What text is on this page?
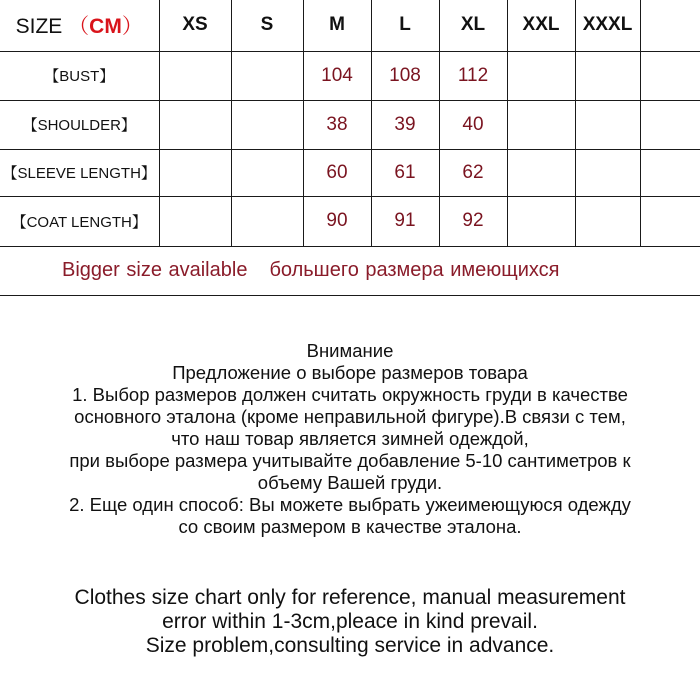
SIZE （CM）	XS	S	M	L	XL	XXL	XXXL	
【BUST】			104	108	112			
【SHOULDER】			38	39	40			
【SLEEVE LENGTH】			60	61	62			
【COAT LENGTH】			90	91	92			
Bigger size available большего размера имеющихся								
Внимание
Предложение о выборе размеров товара
1. Выбор размеров должен считать окружность груди в качестве
основного эталона (кроме неправильной фигуре).В связи с тем,
что наш товар является зимней одеждой,
при выборе размера учитывайте добавление 5-10 сантиметров к
объему Вашей груди.
2. Еще один способ: Вы можете выбрать ужеимеющуюся одежду
со своим размером в качестве эталона.
Clothes size chart only for reference, manual measurement
error within 1-3cm,pleace in kind prevail.
Size problem,consulting service in advance.
